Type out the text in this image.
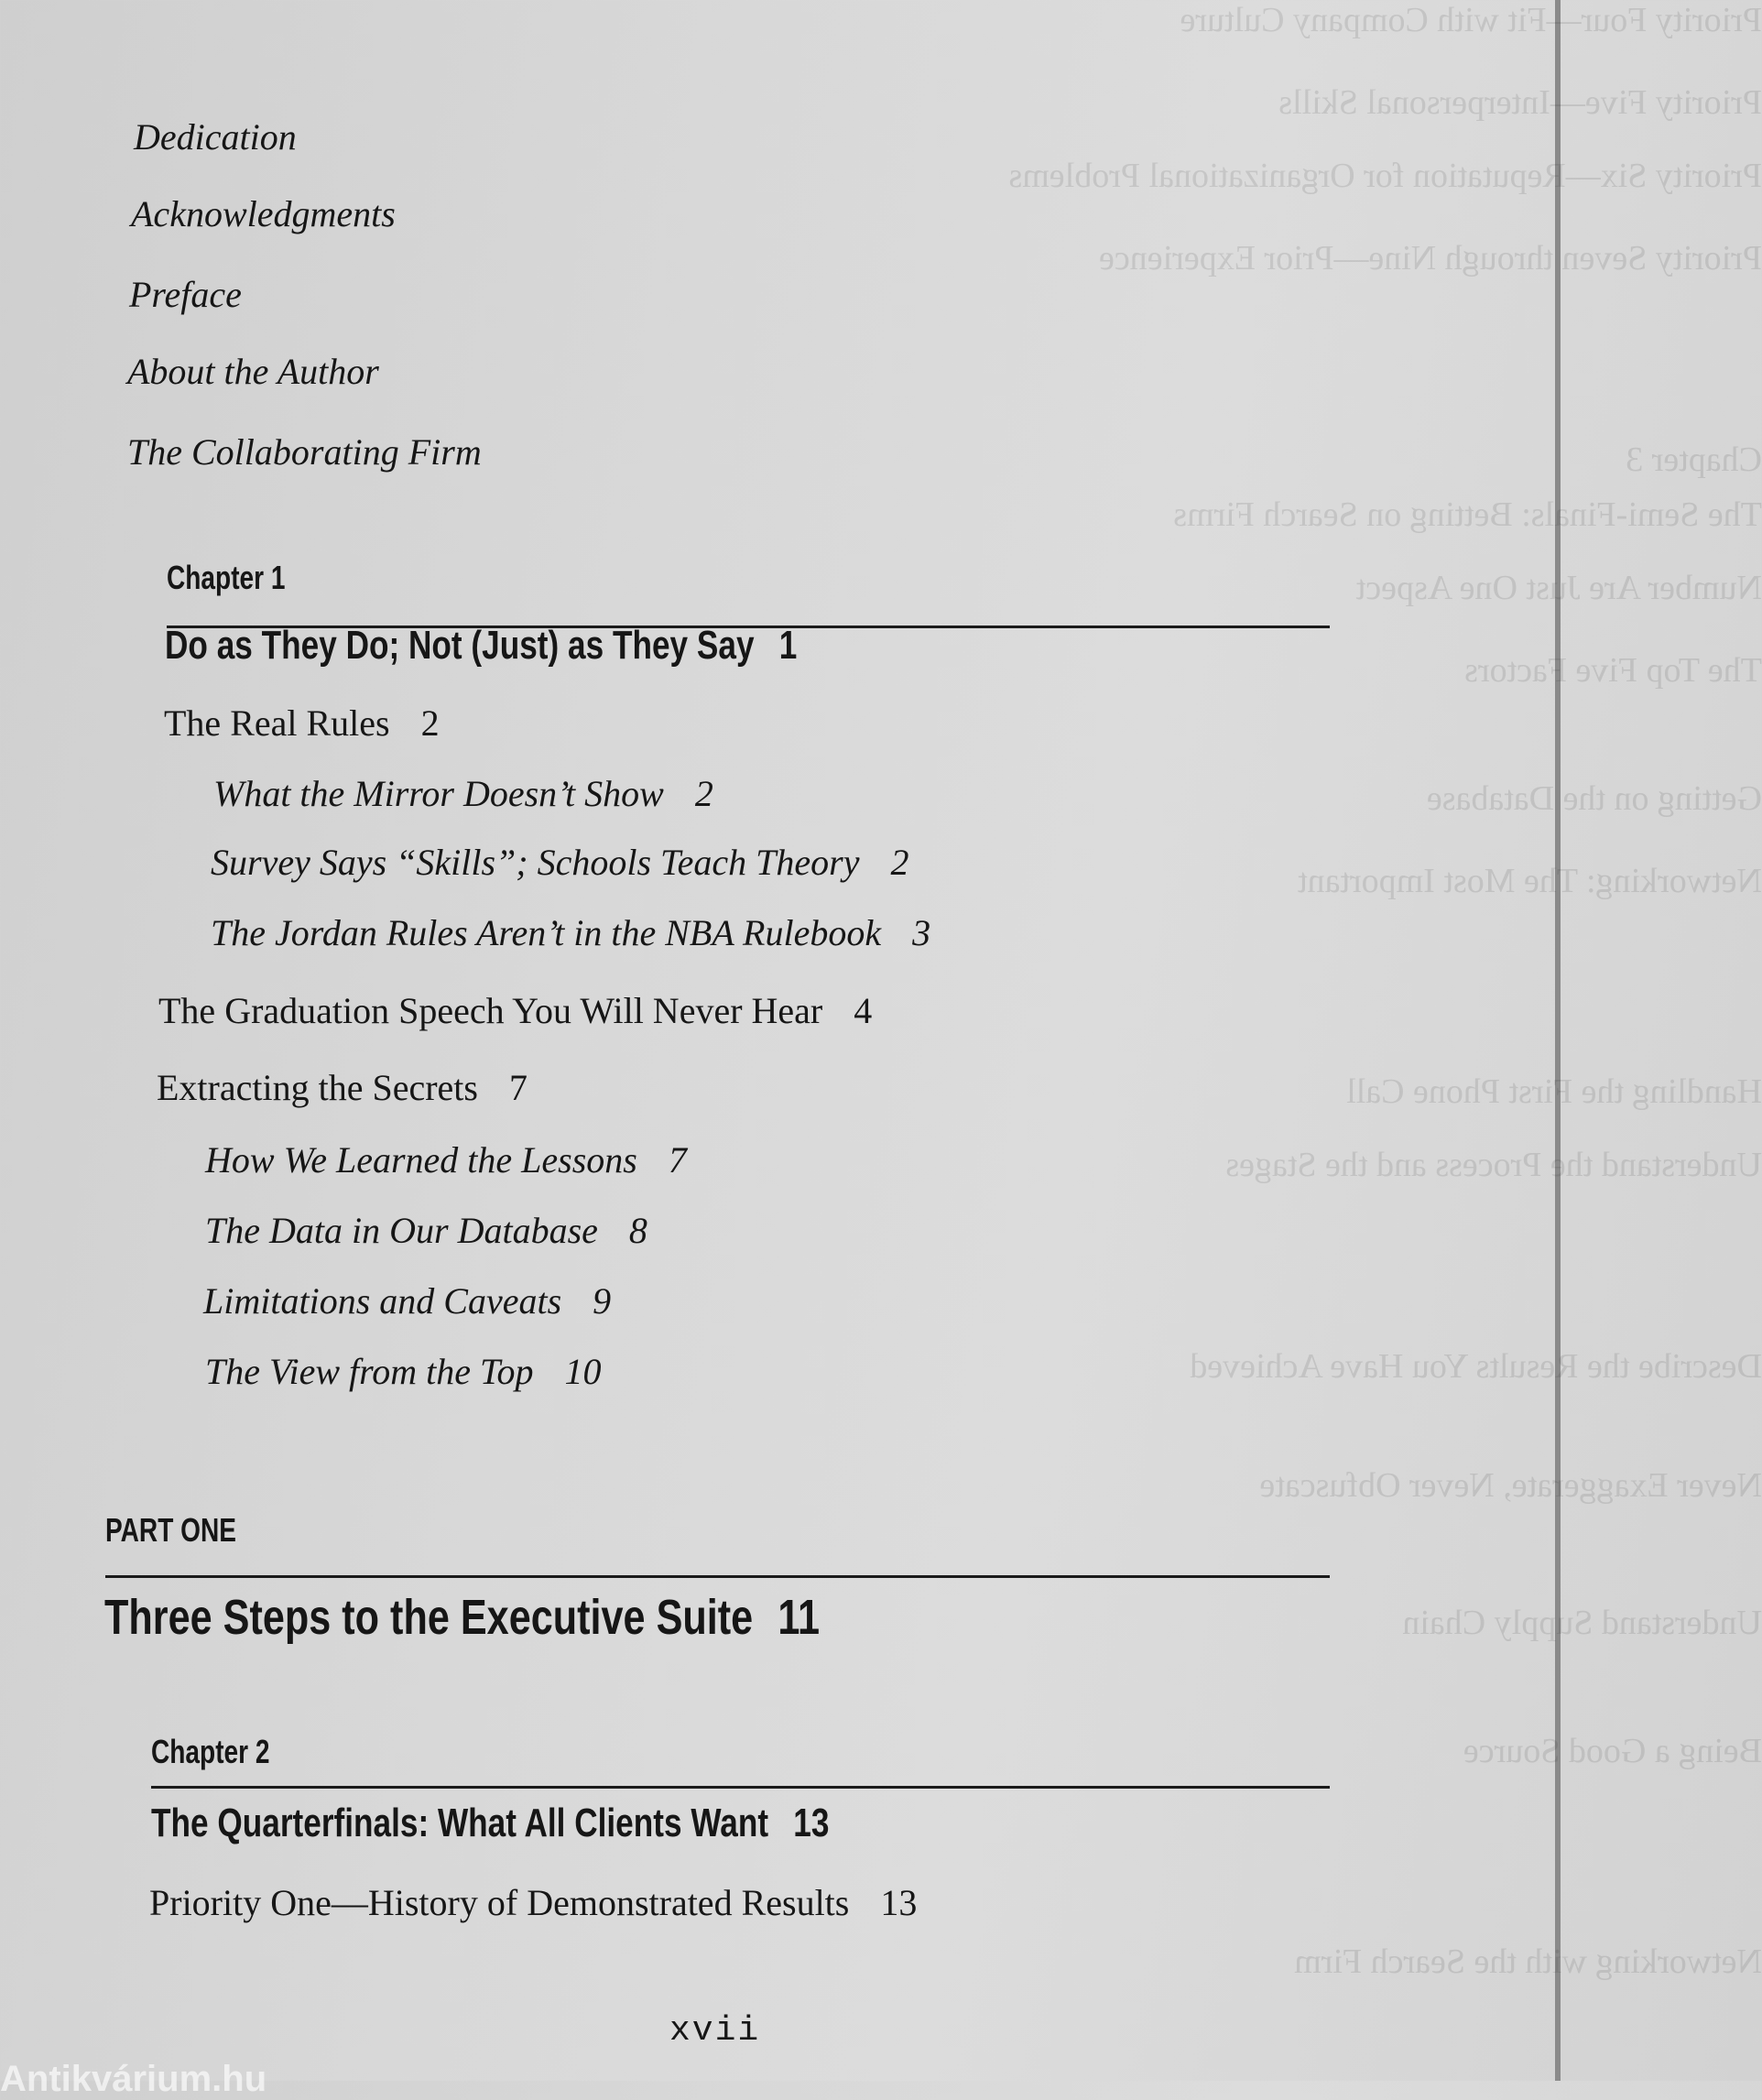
Priority Four—Fit with Company Culture
Priority Five—Interpersonal Skills
Priority Six—Reputation for Organizational Problems
Priority Seven through Nine—Prior Experience
Chapter 3
The Semi-Finals: Betting on Search Firms
Number Are Just One Aspect
The Top Five Factors
Getting on the Database
Networking: The Most Important
Handling the First Phone Call
Understand the Process and the Stages
Describe the Results You Have Achieved
Never Exaggerate, Never Obfuscate
Understand Supply Chain
Being a Good Source
Networking with the Search Firm
Dedication
Acknowledgments
Preface
About the Author
The Collaborating Firm
Chapter 1
Do as They Do; Not (Just) as They Say 1
The Real Rules 2
What the Mirror Doesn’t Show 2
Survey Says “Skills”; Schools Teach Theory 2
The Jordan Rules Aren’t in the NBA Rulebook 3
The Graduation Speech You Will Never Hear 4
Extracting the Secrets 7
How We Learned the Lessons 7
The Data in Our Database 8
Limitations and Caveats 9
The View from the Top 10
PART ONE
Three Steps to the Executive Suite 11
Chapter 2
The Quarterfinals: What All Clients Want 13
Priority One—History of Demonstrated Results 13
xvii
Antikvárium.hu
